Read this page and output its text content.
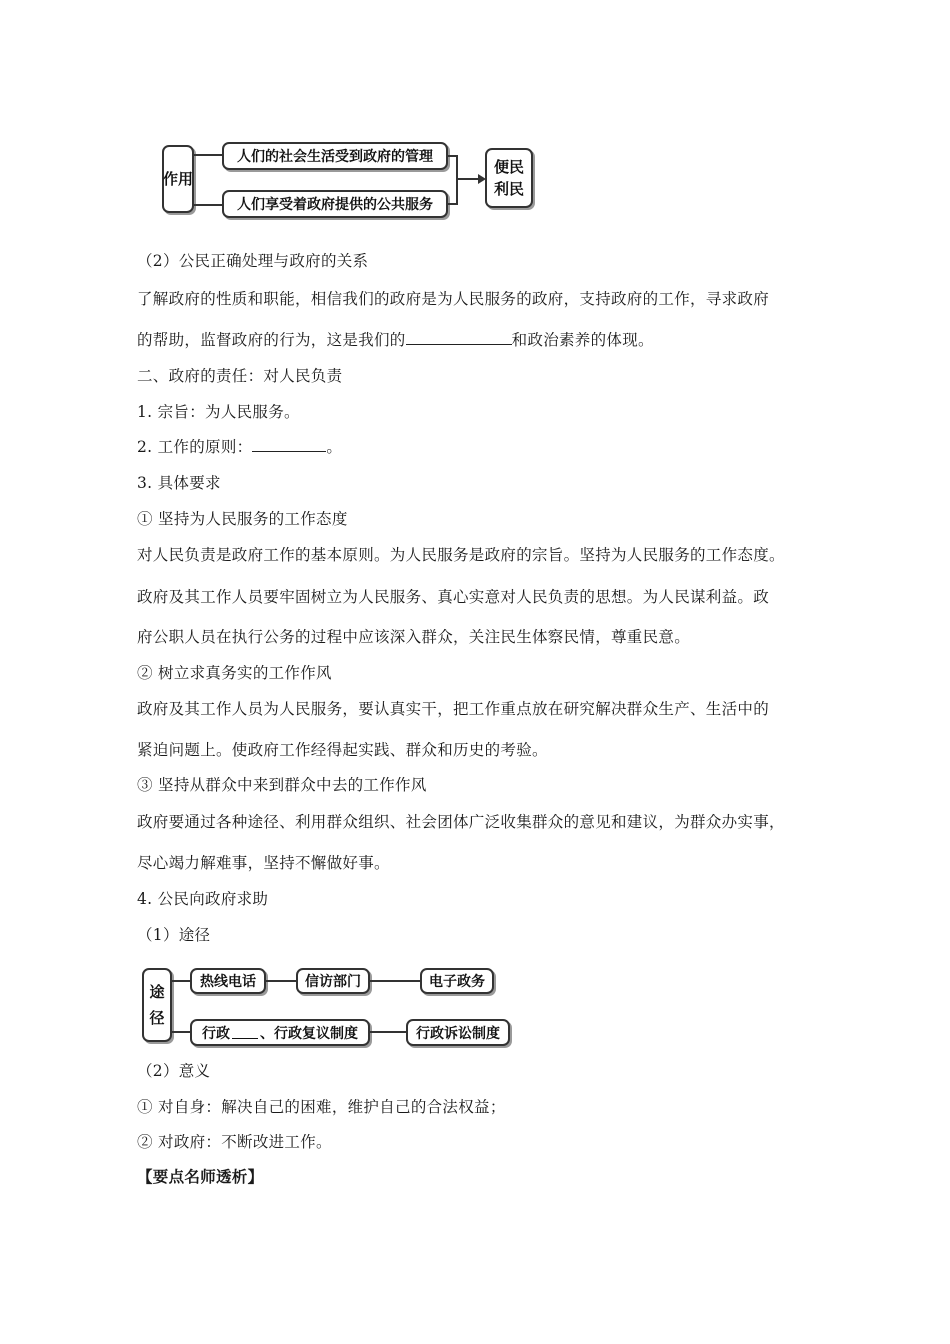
作用
人们的社会生活受到政府的管理
人们享受着政府提供的公共服务
便民利民
（2）公民正确处理与政府的关系
了解政府的性质和职能，相信我们的政府是为人民服务的政府，支持政府的工作，寻求政府
的帮助，监督政府的行为，这是我们的	和政治素养的体现。
二、政府的责任：对人民负责
1. 宗旨：为人民服务。
2. 工作的原则：	。
3. 具体要求
① 坚持为人民服务的工作态度
对人民负责是政府工作的基本原则。为人民服务是政府的宗旨。坚持为人民服务的工作态度。
政府及其工作人员要牢固树立为人民服务、真心实意对人民负责的思想。为人民谋利益。政
府公职人员在执行公务的过程中应该深入群众，关注民生体察民情，尊重民意。
② 树立求真务实的工作作风
政府及其工作人员为人民服务，要认真实干，把工作重点放在研究解决群众生产、生活中的
紧迫问题上。使政府工作经得起实践、群众和历史的考验。
③ 坚持从群众中来到群众中去的工作作风
政府要通过各种途径、利用群众组织、社会团体广泛收集群众的意见和建议，为群众办实事，
尽心竭力解难事，坚持不懈做好事。
4. 公民向政府求助
（1）途径
途径
热线电话	信访部门	电子政务
行政 、行政复议制度	行政诉讼制度
（2）意义
① 对自身：解决自己的困难，维护自己的合法权益；
② 对政府：不断改进工作。
【要点名师透析】
